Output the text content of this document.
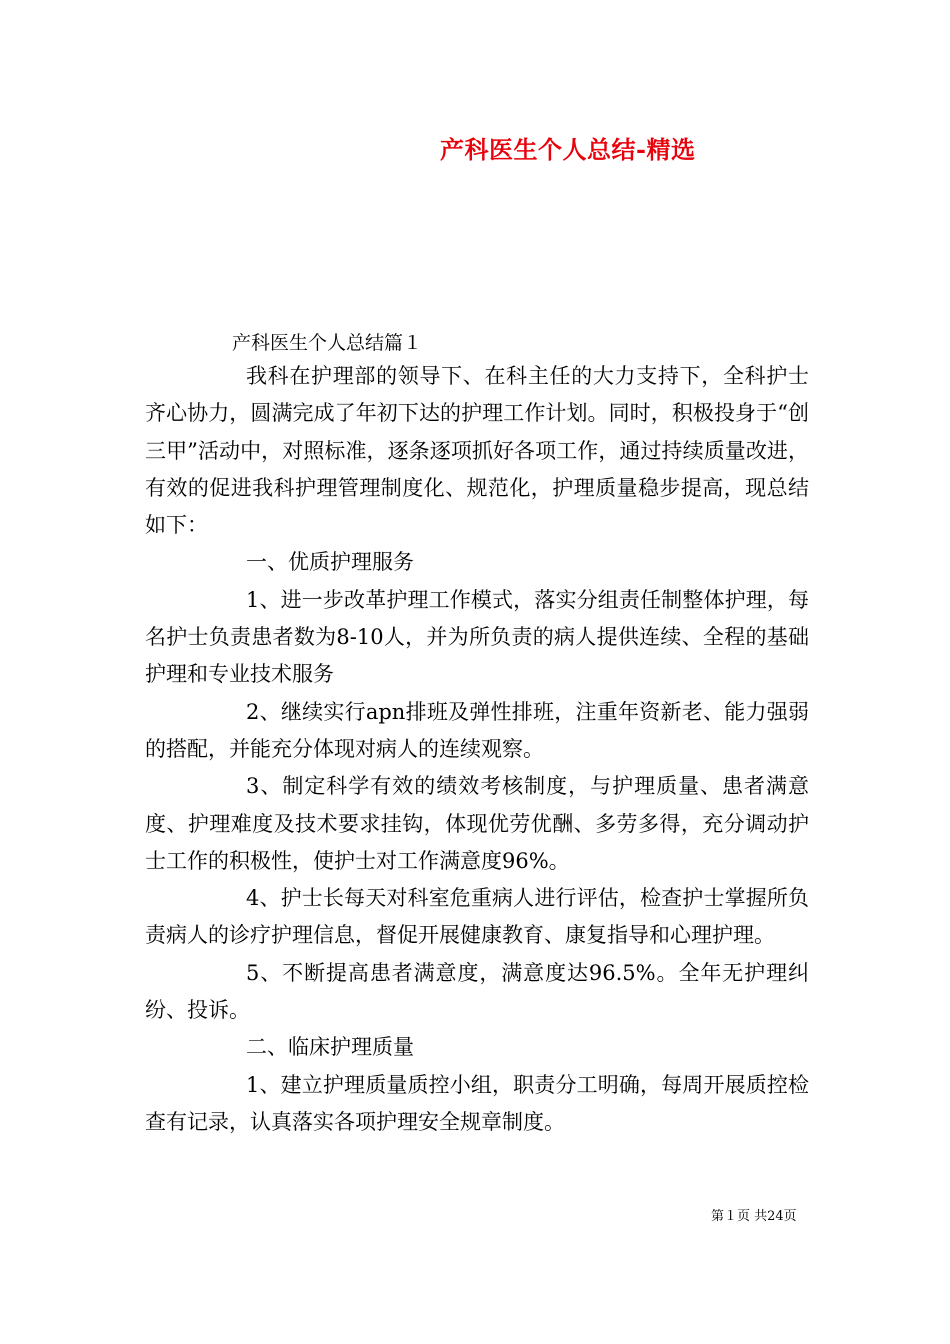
产科医生个人总结-精选
产科医生个人总结篇１

我科在护理部的领导下、在科主任的大力支持下，全科护士齐心协力，圆满完成了年初下达的护理工作计划。同时，积极投身于“创三甲”活动中，对照标准，逐条逐项抓好各项工作，通过持续质量改进，有效的促进我科护理管理制度化、规范化，护理质量稳步提高，现总结如下：

一、优质护理服务

1、进一步改革护理工作模式，落实分组责任制整体护理，每名护士负责患者数为8-10人，并为所负责的病人提供连续、全程的基础护理和专业技术服务

2、继续实行apn排班及弹性排班，注重年资新老、能力强弱的搭配，并能充分体现对病人的连续观察。

3、制定科学有效的绩效考核制度，与护理质量、患者满意度、护理难度及技术要求挂钩，体现优劳优酬、多劳多得，充分调动护士工作的积极性，使护士对工作满意度96%。

4、护士长每天对科室危重病人进行评估，检查护士掌握所负责病人的诊疗护理信息，督促开展健康教育、康复指导和心理护理。

5、不断提高患者满意度，满意度达96.5%。全年无护理纠纷、投诉。

二、临床护理质量

1、建立护理质量质控小组，职责分工明确，每周开展质控检查有记录，认真落实各项护理安全规章制度。

第１页 共24页
